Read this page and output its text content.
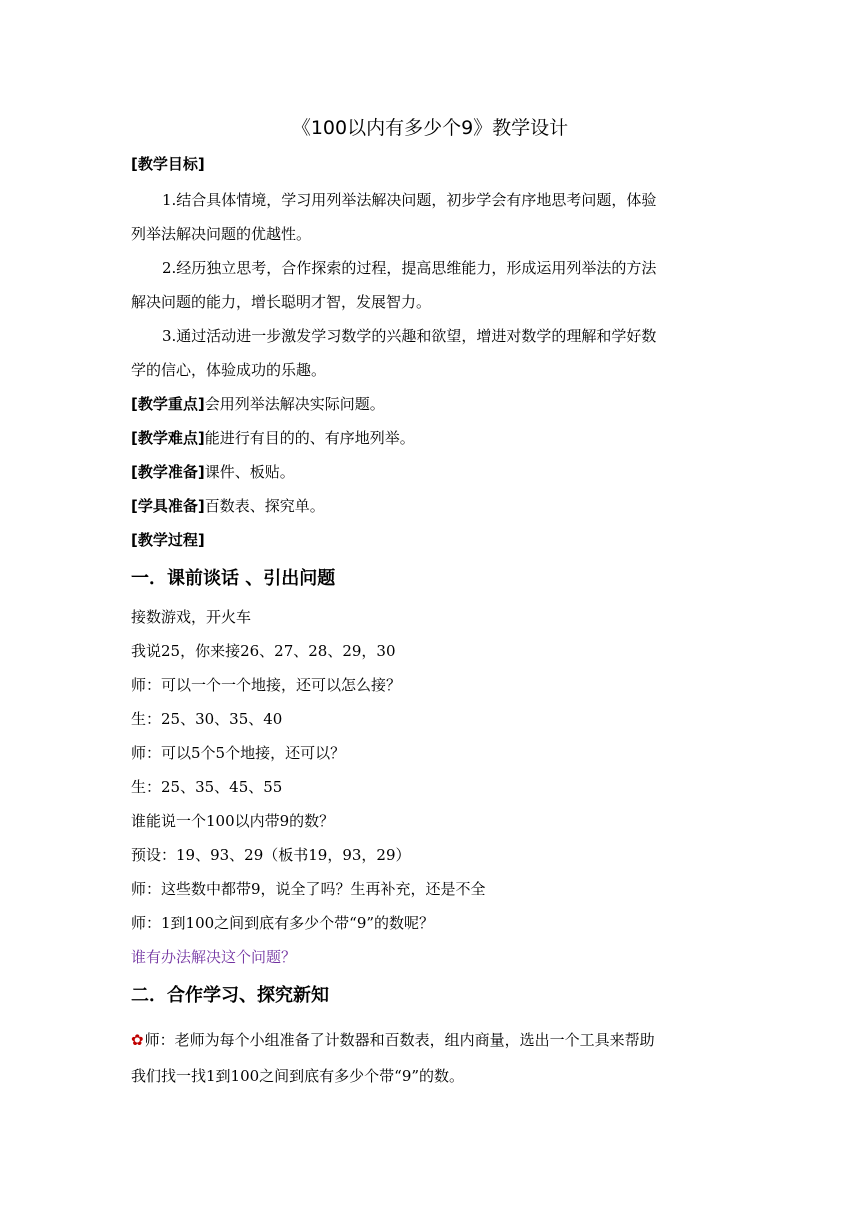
《100以内有多少个9》教学设计
[教学目标]
1.结合具体情境，学习用列举法解决问题，初步学会有序地思考问题，体验
列举法解决问题的优越性。
2.经历独立思考，合作探索的过程，提高思维能力，形成运用列举法的方法
解决问题的能力，增长聪明才智，发展智力。
3.通过活动进一步激发学习数学的兴趣和欲望，增进对数学的理解和学好数
学的信心，体验成功的乐趣。
[教学重点]会用列举法解决实际问题。
[教学难点]能进行有目的的、有序地列举。
[教学准备]课件、板贴。
[学具准备]百数表、探究单。
[教学过程]
一．课前谈话 、引出问题
接数游戏，开火车
我说25，你来接26、27、28、29，30
师：可以一个一个地接，还可以怎么接？
生：25、30、35、40
师：可以5个5个地接，还可以？
生：25、35、45、55
谁能说一个100以内带9的数？
预设：19、93、29（板书19，93，29）
师：这些数中都带9，说全了吗？生再补充，还是不全
师：1到100之间到底有多少个带“9”的数呢？
谁有办法解决这个问题？
二．合作学习、探究新知
✿师：老师为每个小组准备了计数器和百数表，组内商量，选出一个工具来帮助
我们找一找1到100之间到底有多少个带“9”的数。
